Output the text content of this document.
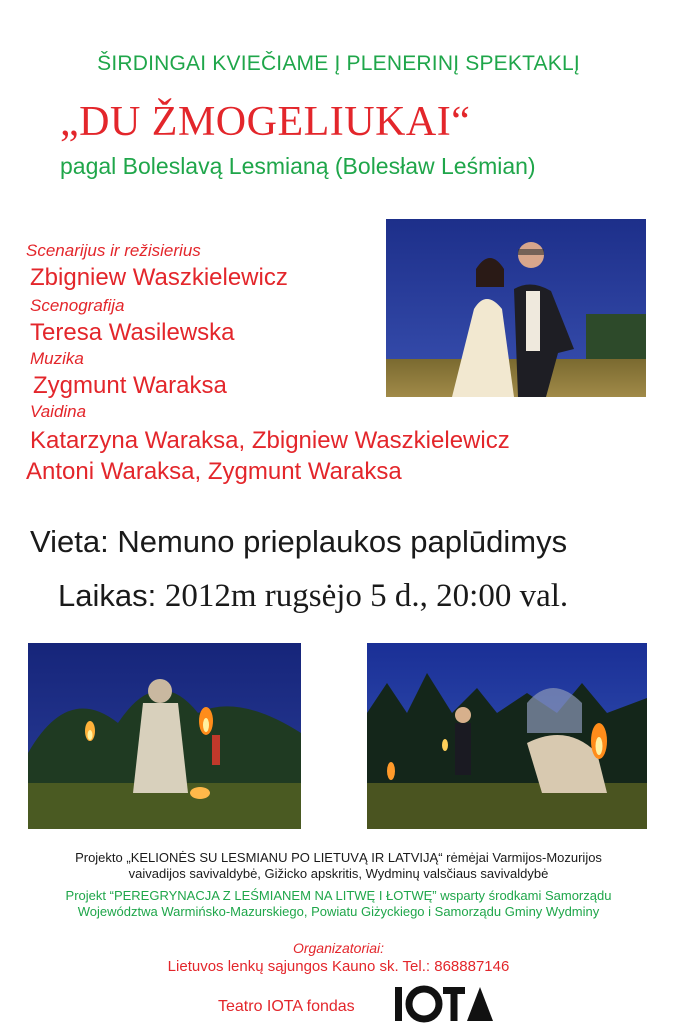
ŠIRDINGAI KVIEČIAME Į PLENERINĮ SPEKTAKLĮ
„DU ŽMOGELIUKAI“
pagal Boleslavą Lesmianą (Bolesław Leśmian)
Scenarijus ir režisierius
Zbigniew Waszkielewicz
Scenografija
Teresa Wasilewska
Muzika
Zygmunt Waraksa
Vaidina
Katarzyna Waraksa, Zbigniew Waszkielewicz
Antoni Waraksa, Zygmunt Waraksa
Vieta: Nemuno prieplaukos paplūdimys
Laikas: 2012m rugsėjo 5 d., 20:00 val.
Projekto „KELIONĖS SU LESMIANU PO LIETUVĄ IR LATVIJĄ“ rėmėjai Varmijos-Mozurijos
vaivadijos savivaldybė, Gižicko apskritis, Wydminų valsčiaus savivaldybė
Projekt “PEREGRYNACJA Z LEŚMIANEM NA LITWĘ I ŁOTWĘ” wsparty środkami Samorządu
Województwa Warmińsko-Mazurskiego, Powiatu Giżyckiego i Samorządu Gminy Wydminy
Organizatoriai:
Lietuvos lenkų sąjungos Kauno sk. Tel.: 868887146
Teatro IOTA fondas
